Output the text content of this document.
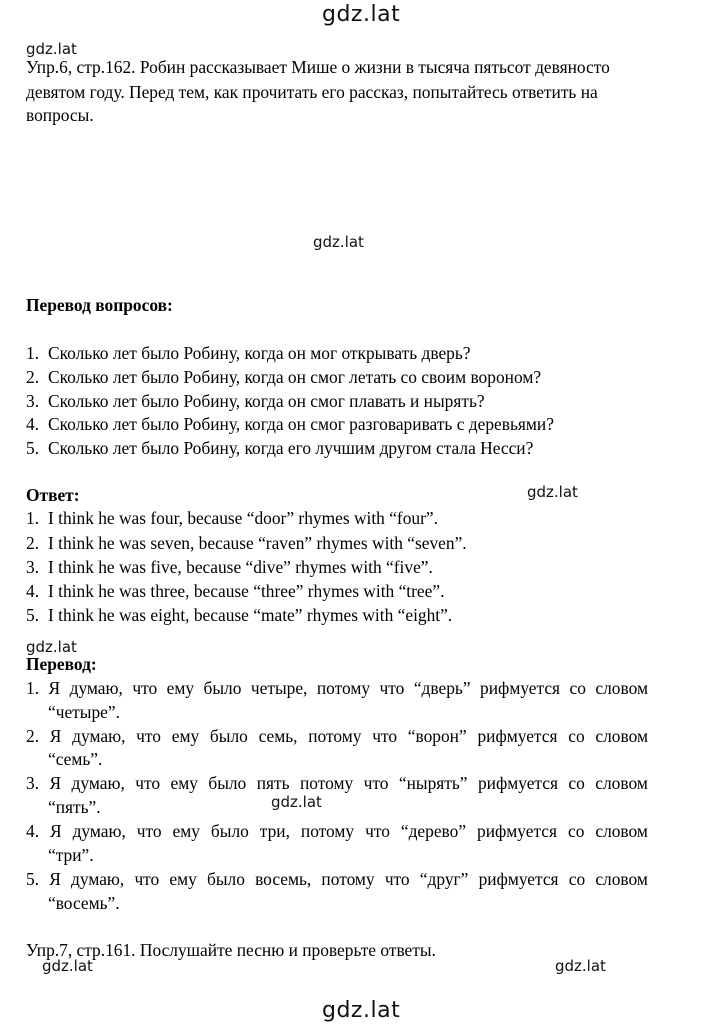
gdz.lat
gdz.lat
gdz.lat
gdz.lat
gdz.lat
gdz.lat
gdz.lat	gdz.lat
gdz.lat
Упр.6, стр.162. Робин рассказывает Мише о жизни в тысяча пятьсот девяносто
девятом году. Перед тем, как прочитать его рассказ, попытайтесь ответить на
вопросы.
Перевод вопросов:
1. Сколько лет было Робину, когда он мог открывать дверь?
2. Сколько лет было Робину, когда он смог летать со своим вороном?
3. Сколько лет было Робину, когда он смог плавать и нырять?
4. Сколько лет было Робину, когда он смог разговаривать с деревьями?
5. Сколько лет было Робину, когда его лучшим другом стала Несси?
Ответ:
1. I think he was four, because “door” rhymes with “four”.
2. I think he was seven, because “raven” rhymes with “seven”.
3. I think he was five, because “dive” rhymes with “five”.
4. I think he was three, because “three” rhymes with “tree”.
5. I think he was eight, because “mate” rhymes with “eight”.
Перевод:
1. Я думаю, что ему было четыре, потому что “дверь” рифмуется со словом
“четыре”.
2. Я думаю, что ему было семь, потому что “ворон” рифмуется со словом
“семь”.
3. Я думаю, что ему было пять потому что “нырять” рифмуется со словом
“пять”.
4. Я думаю, что ему было три, потому что “дерево” рифмуется со словом
“три”.
5. Я думаю, что ему было восемь, потому что “друг” рифмуется со словом
“восемь”.
Упр.7, стр.161. Послушайте песню и проверьте ответы.
